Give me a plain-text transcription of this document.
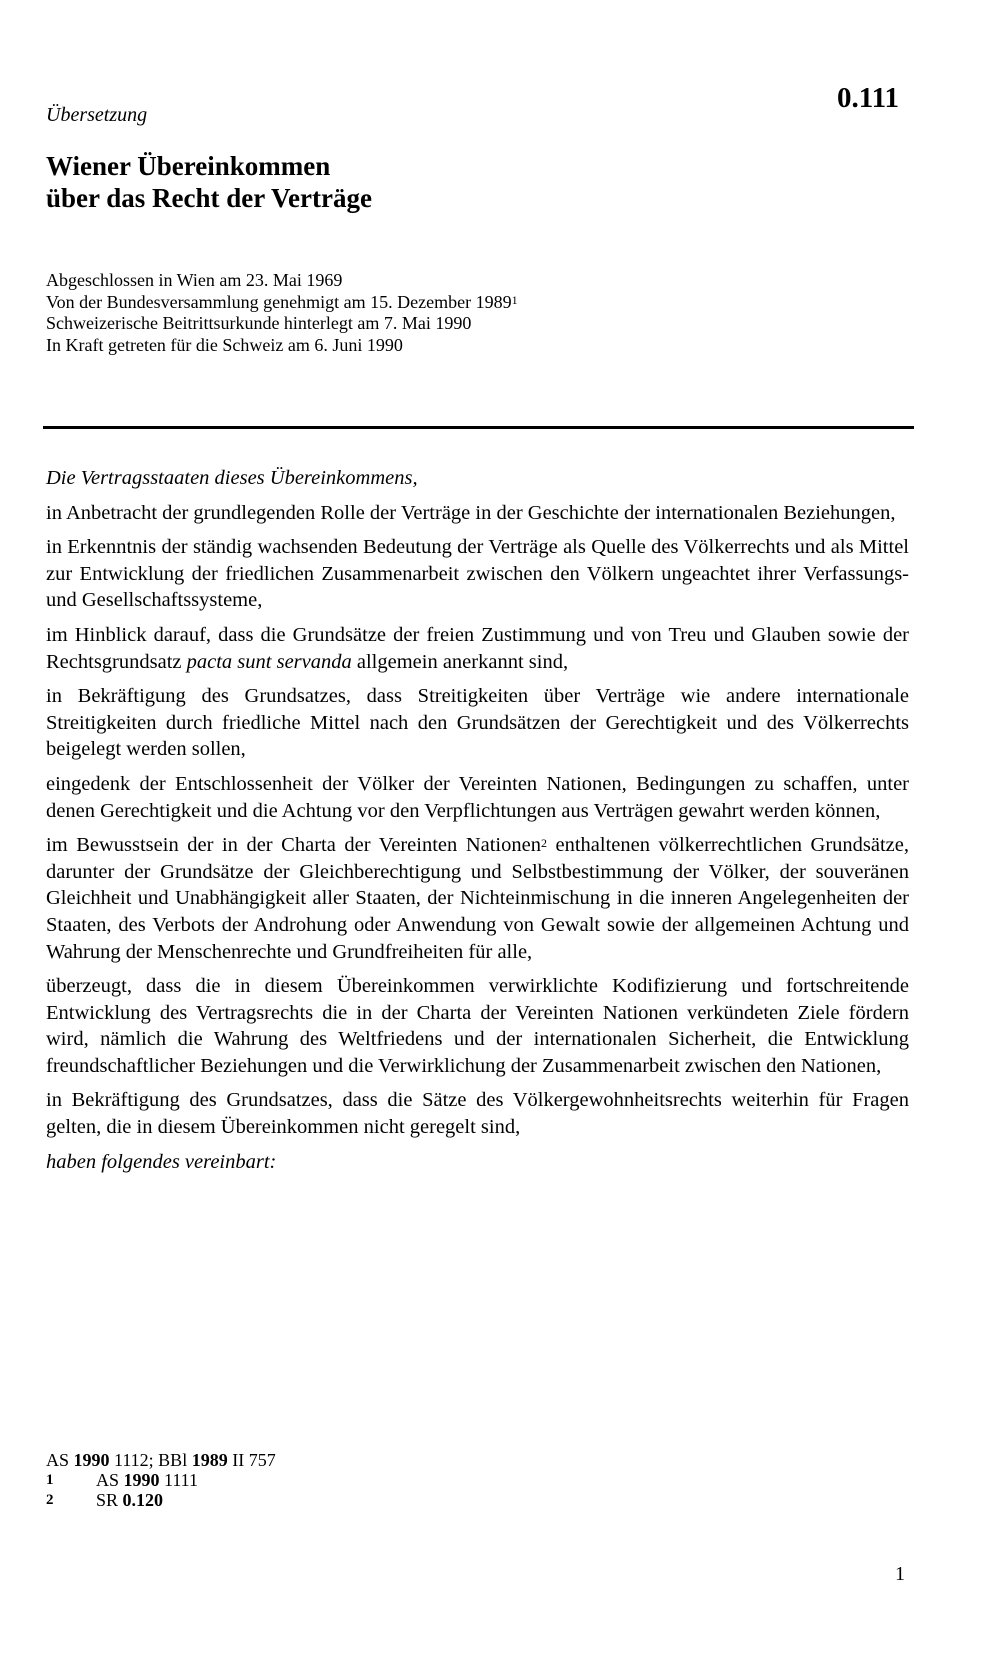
0.111
Übersetzung
Wiener Übereinkommen
über das Recht der Verträge
Abgeschlossen in Wien am 23. Mai 1969
Von der Bundesversammlung genehmigt am 15. Dezember 1989$^1$
Schweizerische Beitrittsurkunde hinterlegt am 7. Mai 1990
In Kraft getreten für die Schweiz am 6. Juni 1990

Die Vertragsstaaten dieses Übereinkommens,

in Anbetracht der grundlegenden Rolle der Verträge in der Geschichte der internationalen Beziehungen,

in Erkenntnis der ständig wachsenden Bedeutung der Verträge als Quelle des Völkerrechts und als Mittel zur Entwicklung der friedlichen Zusammenarbeit zwischen den Völkern ungeachtet ihrer Verfassungs- und Gesellschaftssysteme,

im Hinblick darauf, dass die Grundsätze der freien Zustimmung und von Treu und Glauben sowie der Rechtsgrundsatz pacta sunt servanda allgemein anerkannt sind,

in Bekräftigung des Grundsatzes, dass Streitigkeiten über Verträge wie andere internationale Streitigkeiten durch friedliche Mittel nach den Grundsätzen der Gerechtigkeit und des Völkerrechts beigelegt werden sollen,

eingedenk der Entschlossenheit der Völker der Vereinten Nationen, Bedingungen zu schaffen, unter denen Gerechtigkeit und die Achtung vor den Verpflichtungen aus Verträgen gewahrt werden können,

im Bewusstsein der in der Charta der Vereinten Nationen$^2$ enthaltenen völkerrechtlichen Grundsätze, darunter der Grundsätze der Gleichberechtigung und Selbstbestimmung der Völker, der souveränen Gleichheit und Unabhängigkeit aller Staaten, der Nichteinmischung in die inneren Angelegenheiten der Staaten, des Verbots der Androhung oder Anwendung von Gewalt sowie der allgemeinen Achtung und Wahrung der Menschenrechte und Grundfreiheiten für alle,

überzeugt, dass die in diesem Übereinkommen verwirklichte Kodifizierung und fortschreitende Entwicklung des Vertragsrechts die in der Charta der Vereinten Nationen verkündeten Ziele fördern wird, nämlich die Wahrung des Weltfriedens und der internationalen Sicherheit, die Entwicklung freundschaftlicher Beziehungen und die Verwirklichung der Zusammenarbeit zwischen den Nationen,

in Bekräftigung des Grundsatzes, dass die Sätze des Völkergewohnheitsrechts weiterhin für Fragen gelten, die in diesem Übereinkommen nicht geregelt sind,

haben folgendes vereinbart:

AS 1990 1112; BBl 1989 II 757
1	AS 1990 1111
2	SR 0.120
1
